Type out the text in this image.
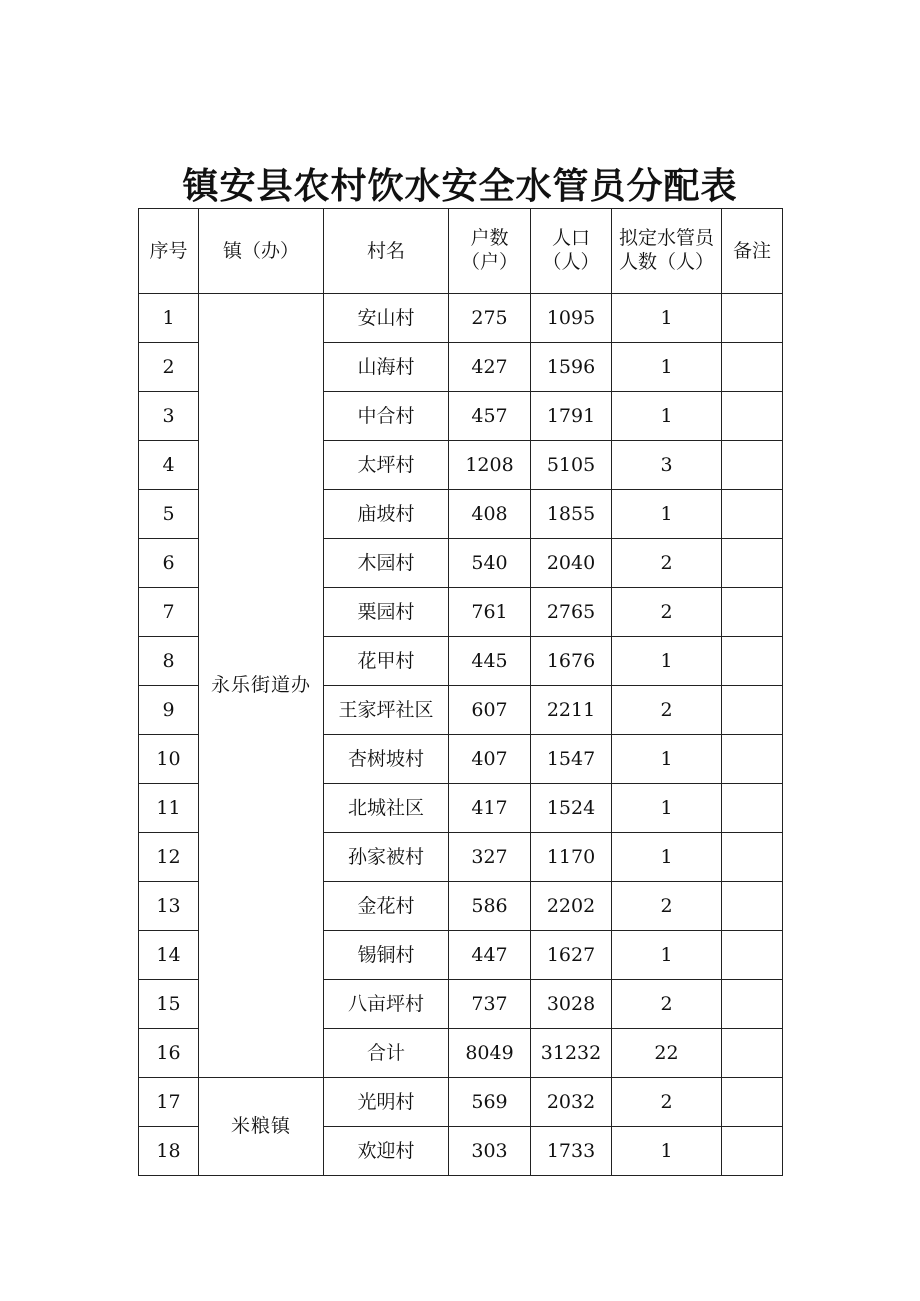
镇安县农村饮水安全水管员分配表
序号	镇（办）	村名	户数（户）	人口（人）	拟定水管员人数（人）	备注
1	永乐街道办	安山村	275	1095	1	
2		山海村	427	1596	1	
3		中合村	457	1791	1	
4		太坪村	1208	5105	3	
5		庙坡村	408	1855	1	
6		木园村	540	2040	2	
7		栗园村	761	2765	2	
8		花甲村	445	1676	1	
9		王家坪社区	607	2211	2	
10		杏树坡村	407	1547	1	
11		北城社区	417	1524	1	
12		孙家被村	327	1170	1	
13		金花村	586	2202	2	
14		锡铜村	447	1627	1	
15		八亩坪村	737	3028	2	
16		合计	8049	31232	22	
17	米粮镇	光明村	569	2032	2	
18		欢迎村	303	1733	1	
